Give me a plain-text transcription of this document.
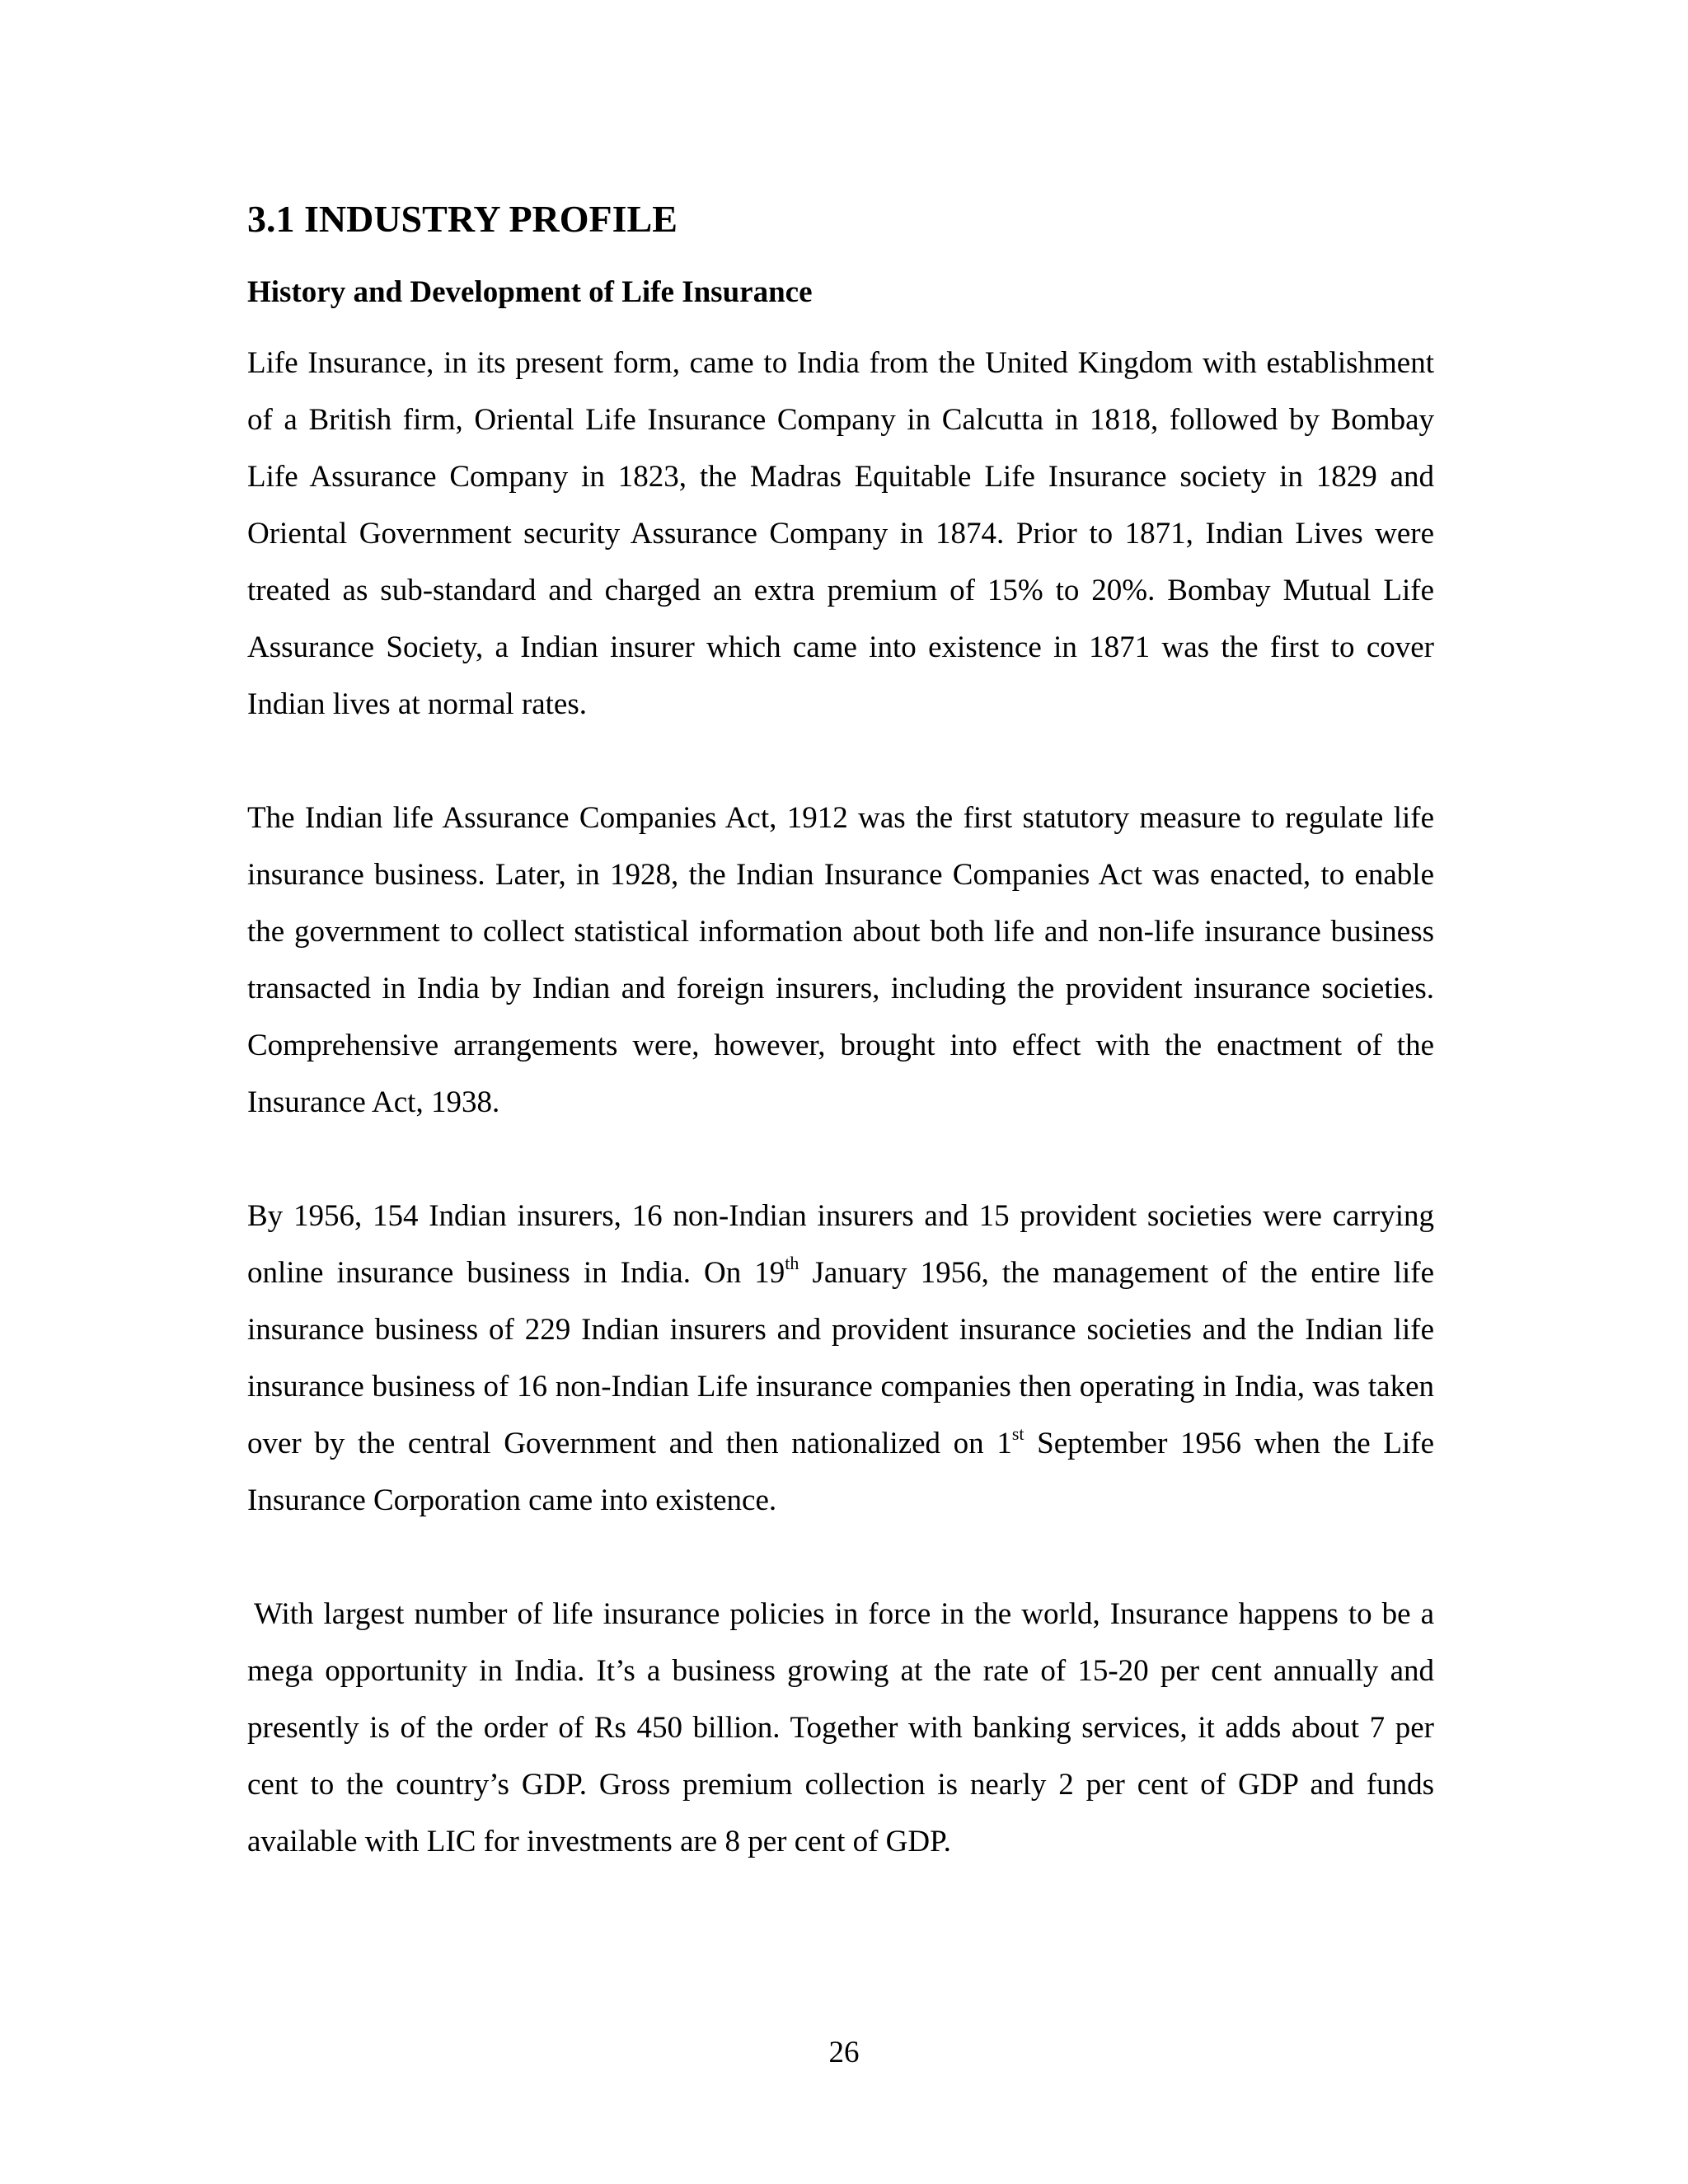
3.1 INDUSTRY PROFILE
History and Development of Life Insurance

Life Insurance, in its present form, came to India from the United Kingdom with establishment of a British firm, Oriental Life Insurance Company in Calcutta in 1818, followed by Bombay Life Assurance Company in 1823, the Madras Equitable Life Insurance society in 1829 and Oriental Government security Assurance Company in 1874. Prior to 1871, Indian Lives were treated as sub-standard and charged an extra premium of 15% to 20%. Bombay Mutual Life Assurance Society, a Indian insurer which came into existence in 1871 was the first to cover Indian lives at normal rates.

The Indian life Assurance Companies Act, 1912 was the first statutory measure to regulate life insurance business. Later, in 1928, the Indian Insurance Companies Act was enacted, to enable the government to collect statistical information about both life and non-life insurance business transacted in India by Indian and foreign insurers, including the provident insurance societies. Comprehensive arrangements were, however, brought into effect with the enactment of the Insurance Act, 1938.

By 1956, 154 Indian insurers, 16 non-Indian insurers and 15 provident societies were carrying online insurance business in India. On 19th January 1956, the management of the entire life insurance business of 229 Indian insurers and provident insurance societies and the Indian life insurance business of 16 non-Indian Life insurance companies then operating in India, was taken over by the central Government and then nationalized on 1st September 1956 when the Life Insurance Corporation came into existence.

With largest number of life insurance policies in force in the world, Insurance happens to be a mega opportunity in India. It’s a business growing at the rate of 15-20 per cent annually and presently is of the order of Rs 450 billion. Together with banking services, it adds about 7 per cent to the country’s GDP. Gross premium collection is nearly 2 per cent of GDP and funds available with LIC for investments are 8 per cent of GDP.

26
